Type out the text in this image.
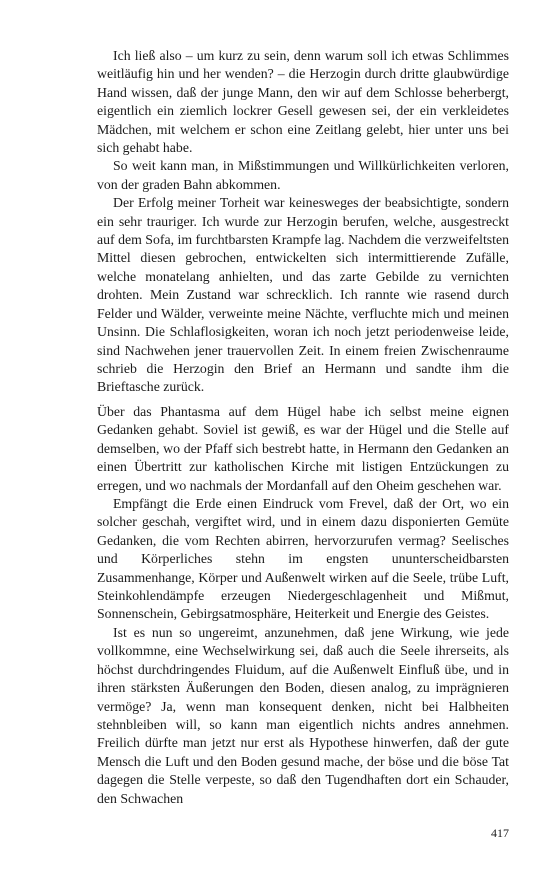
Ich ließ also – um kurz zu sein, denn warum soll ich etwas Schlimmes weitläufig hin und her wenden? – die Herzogin durch dritte glaubwürdige Hand wissen, daß der junge Mann, den wir auf dem Schlosse beherbergt, eigentlich ein ziemlich lockrer Gesell gewesen sei, der ein verkleidetes Mädchen, mit welchem er schon eine Zeitlang gelebt, hier unter uns bei sich gehabt habe.

So weit kann man, in Mißstimmungen und Willkürlichkeiten verloren, von der graden Bahn abkommen.

Der Erfolg meiner Torheit war keinesweges der beabsichtigte, sondern ein sehr trauriger. Ich wurde zur Herzogin berufen, welche, ausgestreckt auf dem Sofa, im furchtbarsten Krampfe lag. Nachdem die verzweifeltsten Mittel diesen gebrochen, entwickelten sich intermittierende Zufälle, welche monatelang anhielten, und das zarte Gebilde zu vernichten drohten. Mein Zustand war schrecklich. Ich rannte wie rasend durch Felder und Wälder, verweinte meine Nächte, verfluchte mich und meinen Unsinn. Die Schlaflosigkeiten, woran ich noch jetzt periodenweise leide, sind Nachwehen jener trauervollen Zeit. In einem freien Zwischenraume schrieb die Herzogin den Brief an Hermann und sandte ihm die Brieftasche zurück.

Über das Phantasma auf dem Hügel habe ich selbst meine eignen Gedanken gehabt. Soviel ist gewiß, es war der Hügel und die Stelle auf demselben, wo der Pfaff sich bestrebt hatte, in Hermann den Gedanken an einen Übertritt zur katholischen Kirche mit listigen Entzückungen zu erregen, und wo nachmals der Mordanfall auf den Oheim geschehen war.

Empfängt die Erde einen Eindruck vom Frevel, daß der Ort, wo ein solcher geschah, vergiftet wird, und in einem dazu disponierten Gemüte Gedanken, die vom Rechten abirren, hervorzurufen vermag? Seelisches und Körperliches stehn im engsten ununterscheidbarsten Zusammenhange, Körper und Außenwelt wirken auf die Seele, trübe Luft, Steinkohlendämpfe erzeugen Niedergeschlagenheit und Mißmut, Sonnenschein, Gebirgsatmosphäre, Heiterkeit und Energie des Geistes.

Ist es nun so ungereimt, anzunehmen, daß jene Wirkung, wie jede vollkommne, eine Wechselwirkung sei, daß auch die Seele ihrerseits, als höchst durchdringendes Fluidum, auf die Außenwelt Einfluß übe, und in ihren stärksten Äußerungen den Boden, diesen analog, zu imprägnieren vermöge? Ja, wenn man konsequent denken, nicht bei Halbheiten stehnbleiben will, so kann man eigentlich nichts andres annehmen. Freilich dürfte man jetzt nur erst als Hypothese hinwerfen, daß der gute Mensch die Luft und den Boden gesund mache, der böse und die böse Tat dagegen die Stelle verpeste, so daß den Tugendhaften dort ein Schauder, den Schwachen

417
